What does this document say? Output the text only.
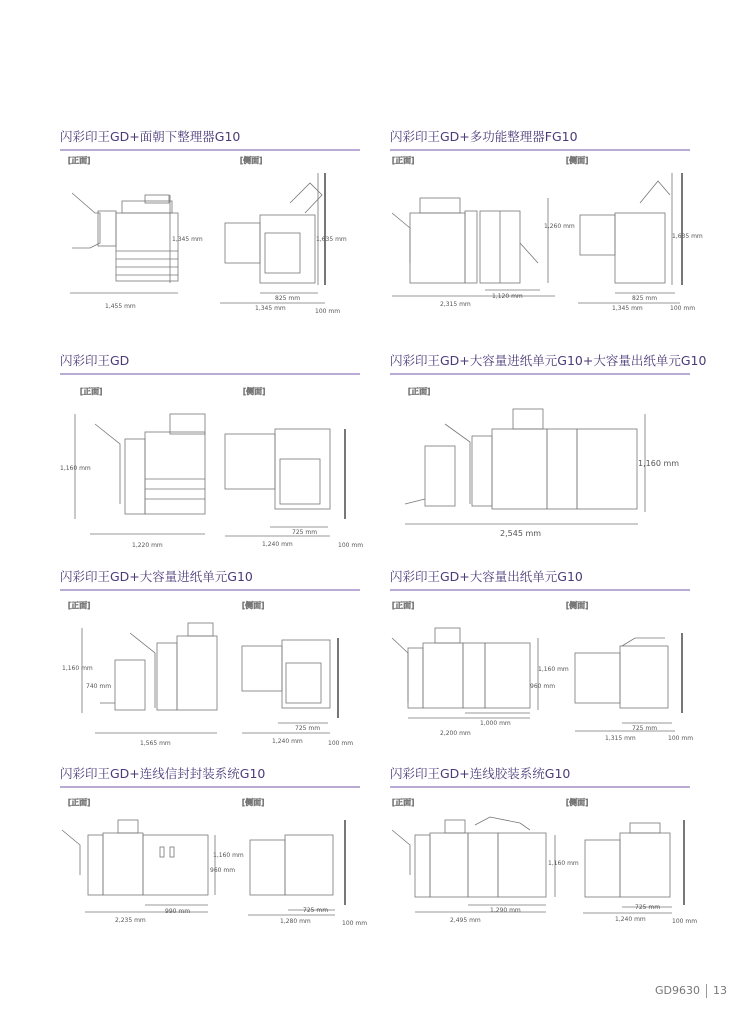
闪彩印王GD+面朝下整理器G10
[正面]	[侧面]
1,345 mm
1,455 mm
1,635 mm
825 mm
1,345 mm	100 mm
闪彩印王GD+多功能整理器FG10
[正面]	[侧面]
1,260 mm
2,315 mm
1,120 mm
1,635 mm
825 mm
1,345 mm	100 mm
闪彩印王GD
[正面]	[侧面]
1,160 mm
1,220 mm
725 mm
1,240 mm	100 mm
闪彩印王GD+大容量进纸单元G10+大容量出纸单元G10
[正面]
1,160 mm
2,545 mm
闪彩印王GD+大容量进纸单元G10
[正面]	[侧面]
1,160 mm
740 mm
1,565 mm
725 mm
1,240 mm	100 mm
闪彩印王GD+大容量出纸单元G10
[正面]	[侧面]
1,160 mm
960 mm
2,200 mm
1,000 mm
725 mm
1,315 mm	100 mm
闪彩印王GD+连线信封封装系统G10
[正面]	[侧面]
1,160 mm
960 mm
2,235 mm
990 mm	725 mm
1,280 mm	100 mm
闪彩印王GD+连线胶装系统G10
[正面]	[侧面]
1,160 mm
2,495 mm
1,290 mm	725 mm
1,240 mm	100 mm
GD9630 13
